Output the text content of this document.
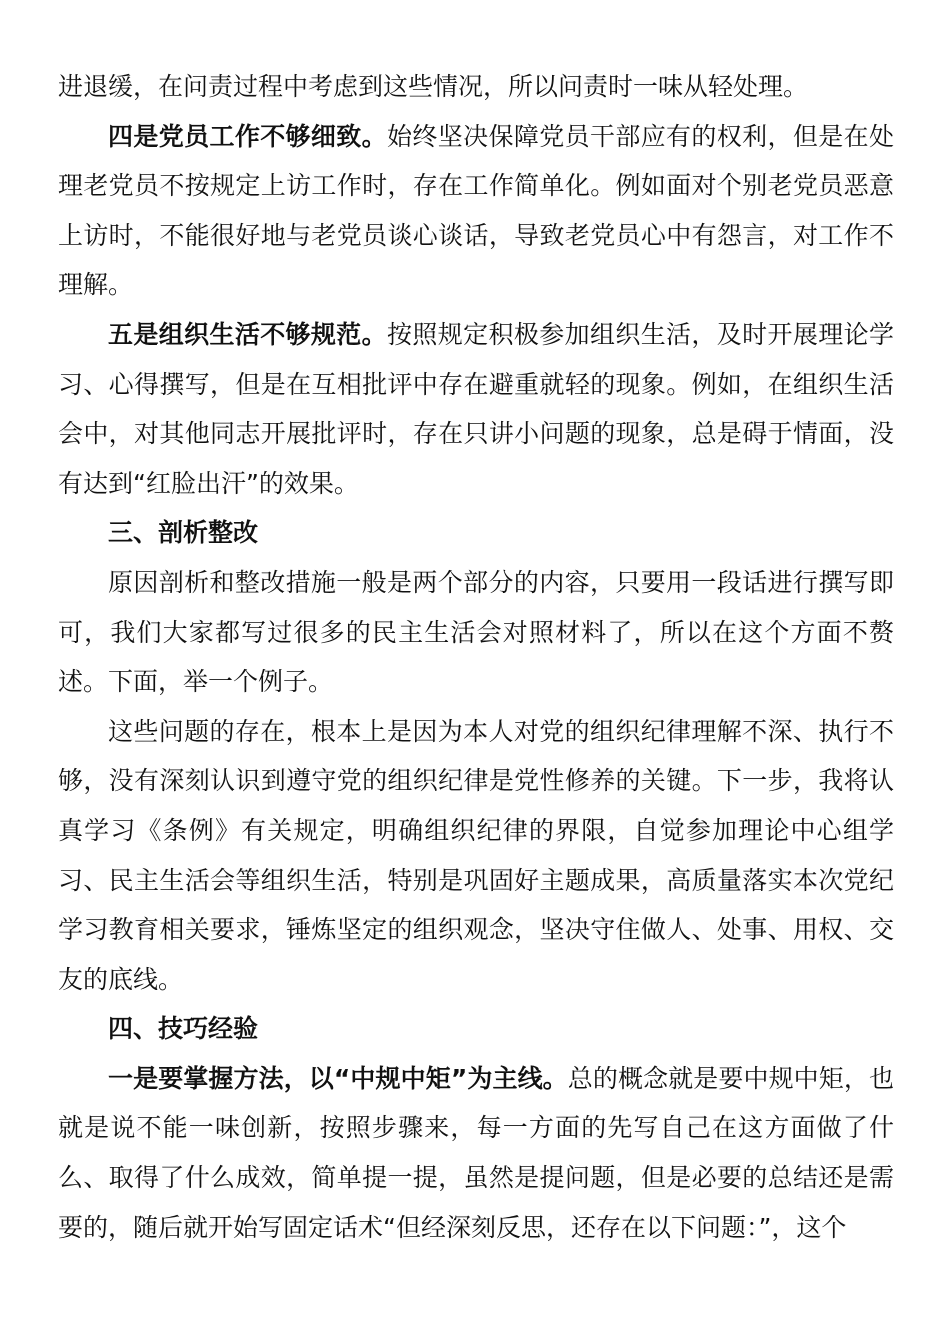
进退缓，在问责过程中考虑到这些情况，所以问责时一味从轻处理。

四是党员工作不够细致。始终坚决保障党员干部应有的权利，但是在处理老党员不按规定上访工作时，存在工作简单化。例如面对个别老党员恶意上访时，不能很好地与老党员谈心谈话，导致老党员心中有怨言，对工作不理解。

五是组织生活不够规范。按照规定积极参加组织生活，及时开展理论学习、心得撰写，但是在互相批评中存在避重就轻的现象。例如，在组织生活会中，对其他同志开展批评时，存在只讲小问题的现象，总是碍于情面，没有达到“红脸出汗”的效果。

三、剖析整改

原因剖析和整改措施一般是两个部分的内容，只要用一段话进行撰写即可，我们大家都写过很多的民主生活会对照材料了，所以在这个方面不赘述。下面，举一个例子。

这些问题的存在，根本上是因为本人对党的组织纪律理解不深、执行不够，没有深刻认识到遵守党的组织纪律是党性修养的关键。下一步，我将认真学习《条例》有关规定，明确组织纪律的界限，自觉参加理论中心组学习、民主生活会等组织生活，特别是巩固好主题成果，高质量落实本次党纪学习教育相关要求，锤炼坚定的组织观念，坚决守住做人、处事、用权、交友的底线。

四、技巧经验

一是要掌握方法，以“中规中矩”为主线。总的概念就是要中规中矩，也就是说不能一味创新，按照步骤来，每一方面的先写自己在这方面做了什么、取得了什么成效，简单提一提，虽然是提问题，但是必要的总结还是需要的，随后就开始写固定话术“但经深刻反思，还存在以下问题：”，这个
